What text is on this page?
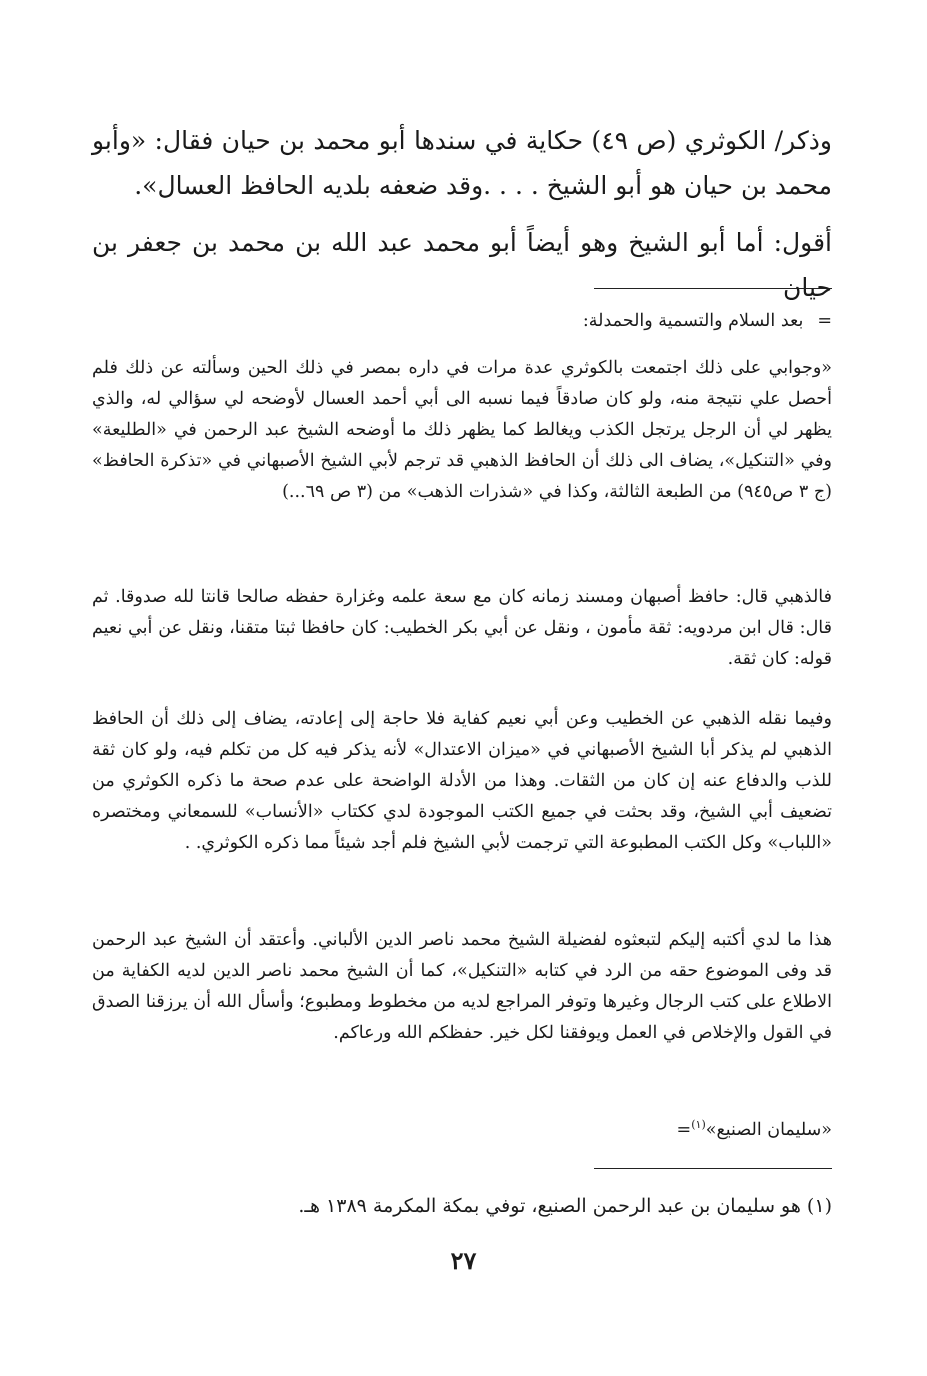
وذكر/ الكوثري (ص ٤٩) حكاية في سندها أبو محمد بن حيان فقال: «وأبو محمد بن حيان هو أبو الشيخ . . . .وقد ضعفه بلديه الحافظ العسال».

أقول: أما أبو الشيخ وهو أيضاً أبو محمد عبد الله بن محمد بن جعفر بن حيان

=بعد السلام والتسمية والحمدلة:

«وجوابي على ذلك اجتمعت بالكوثري عدة مرات في داره بمصر في ذلك الحين وسألته عن ذلك فلم أحصل علي نتيجة منه، ولو كان صادقاً فيما نسبه الى أبي أحمد العسال لأوضحه لي سؤالي له، والذي يظهر لي أن الرجل يرتجل الكذب ويغالط كما يظهر ذلك ما أوضحه الشيخ عبد الرحمن في «الطليعة» وفي «التنكيل»، يضاف الى ذلك أن الحافظ الذهبي قد ترجم لأبي الشيخ الأصبهاني في «تذكرة الحافظ» (ج ٣ ص٩٤٥) من الطبعة الثالثة، وكذا في «شذرات الذهب» من (٣ ص ٦٩...)

فالذهبي قال: حافظ أصبهان ومسند زمانه كان مع سعة علمه وغزارة حفظه صالحا قانتا لله صدوقا. ثم قال: قال ابن مردويه: ثقة مأمون ، ونقل عن أبي بكر الخطيب: كان حافظا ثبتا متقنا، ونقل عن أبي نعيم قوله: كان ثقة.

وفيما نقله الذهبي عن الخطيب وعن أبي نعيم كفاية فلا حاجة إلى إعادته، يضاف إلى ذلك أن الحافظ الذهبي لم يذكر أبا الشيخ الأصبهاني في «ميزان الاعتدال» لأنه يذكر فيه كل من تكلم فيه، ولو كان ثقة للذب والدفاع عنه إن كان من الثقات. وهذا من الأدلة الواضحة على عدم صحة ما ذكره الكوثري من تضعيف أبي الشيخ، وقد بحثت في جميع الكتب الموجودة لدي ككتاب «الأنساب» للسمعاني ومختصره «اللباب» وكل الكتب المطبوعة التي ترجمت لأبي الشيخ فلم أجد شيئاً مما ذكره الكوثري. .

هذا ما لدي أكتبه إليكم لتبعثوه لفضيلة الشيخ محمد ناصر الدين الألباني. وأعتقد أن الشيخ عبد الرحمن قد وفى الموضوع حقه من الرد في كتابه «التنكيل»، كما أن الشيخ محمد ناصر الدين لديه الكفاية من الاطلاع على كتب الرجال وغيرها وتوفر المراجع لديه من مخطوط ومطبوع؛ وأسأل الله أن يرزقنا الصدق في القول والإخلاص في العمل ويوفقنا لكل خير. حفظكم الله ورعاكم.

«سليمان الصنيع»$^{(١)}$=

(١) هو سليمان بن عبد الرحمن الصنيع، توفي بمكة المكرمة ١٣٨٩ هـ.

٢٧
